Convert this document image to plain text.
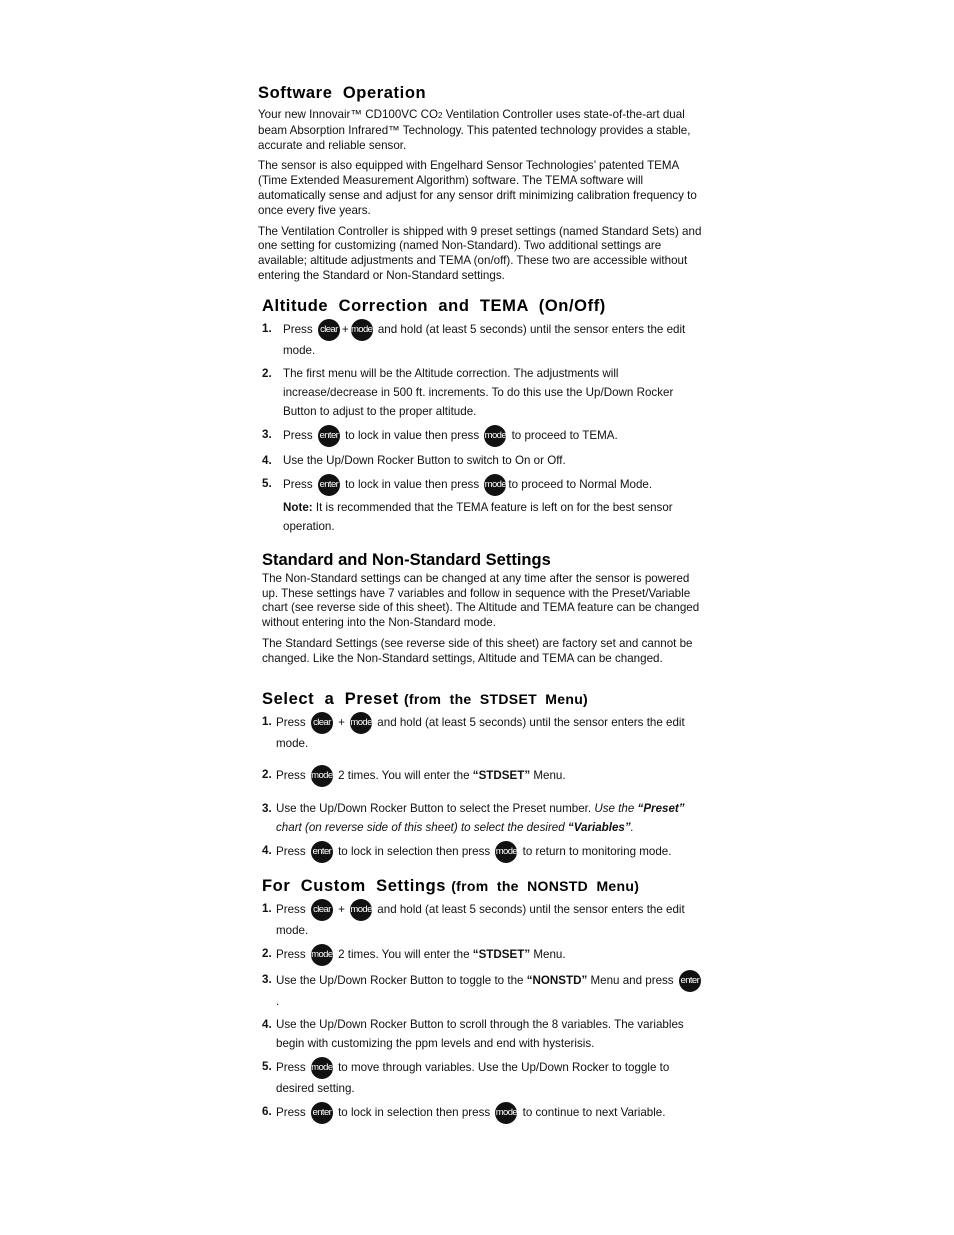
Software  Operation

Your new Innovair™ CD100VC CO2 Ventilation Controller uses state-of-the-art dual beam Absorption Infrared™ Technology. This patented technology provides a stable, accurate and reliable sensor.

The sensor is also equipped with Engelhard Sensor Technologies’ patented TEMA (Time Extended Measurement Algorithm) software. The TEMA software will automatically sense and adjust for any sensor drift minimizing calibration frequency to once every five years.

The Ventilation Controller is shipped with 9 preset settings (named Standard Sets) and one setting for customizing (named Non-Standard). Two additional settings are available; altitude adjustments and TEMA (on/off). These two are accessible without entering the Standard or Non-Standard settings.

Altitude  Correction  and  TEMA  (On/Off)
1. Press clear + mode and hold (at least 5 seconds) until the sensor enters the edit mode.
2. The first menu will be the Altitude correction. The adjustments will increase/decrease in 500 ft. increments. To do this use the Up/Down Rocker Button to adjust to the proper altitude.
3. Press enter to lock in value then press mode to proceed to TEMA.
4. Use the Up/Down Rocker Button to switch to On or Off.
5. Press enter to lock in value then press mode to proceed to Normal Mode.
Note: It is recommended that the TEMA feature is left on for the best sensor operation.
Standard and Non-Standard Settings

The Non-Standard settings can be changed at any time after the sensor is powered up. These settings have 7 variables and follow in sequence with the Preset/Variable chart (see reverse side of this sheet). The Altitude and TEMA feature can be changed without entering into the Non-Standard mode.

The Standard Settings (see reverse side of this sheet) are factory set and cannot be changed. Like the Non-Standard settings, Altitude and TEMA can be changed.

Select  a  Preset (from  the  STDSET  Menu)
1. Press clear + mode and hold (at least 5 seconds) until the sensor enters the edit mode.
2. Press mode 2 times. You will enter the “STDSET” Menu.
3. Use the Up/Down Rocker Button to select the Preset number. Use the “Preset” chart (on reverse side of this sheet) to select the desired “Variables”.
4. Press enter to lock in selection then press mode to return to monitoring mode.
For  Custom  Settings (from  the  NONSTD  Menu)
1. Press clear + mode and hold (at least 5 seconds) until the sensor enters the edit mode.
2. Press mode 2 times. You will enter the “STDSET” Menu.
3. Use the Up/Down Rocker Button to toggle to the “NONSTD” Menu and press enter.
4. Use the Up/Down Rocker Button to scroll through the 8 variables. The variables begin with customizing the ppm levels and end with hysterisis.
5. Press mode to move through variables. Use the Up/Down Rocker to toggle to desired setting.
6. Press enter to lock in selection then press mode to continue to next Variable.
